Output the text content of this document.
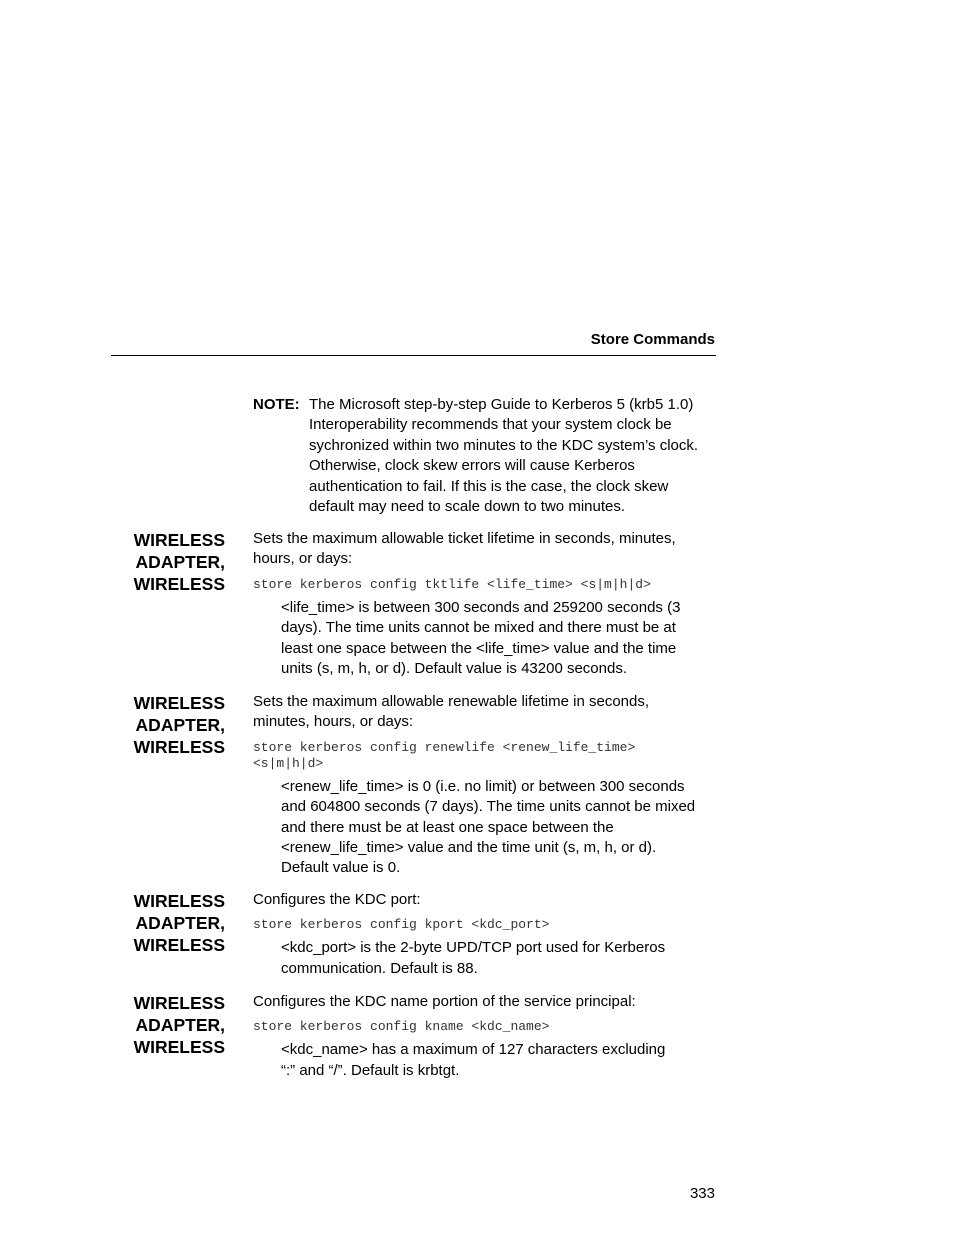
Store Commands
NOTE: The Microsoft step-by-step Guide to Kerberos 5 (krb5 1.0)
Interoperability recommends that your system clock be
sychronized within two minutes to the KDC system’s clock.
Otherwise, clock skew errors will cause Kerberos
authentication to fail. If this is the case, the clock skew
default may need to scale down to two minutes.
WIRELESS
ADAPTER,
WIRELESS
Sets the maximum allowable ticket lifetime in seconds, minutes,
hours, or days:
store kerberos config tktlife <life_time> <s|m|h|d>
<life_time> is between 300 seconds and 259200 seconds (3
days). The time units cannot be mixed and there must be at
least one space between the <life_time> value and the time
units (s, m, h, or d). Default value is 43200 seconds.
WIRELESS
ADAPTER,
WIRELESS
Sets the maximum allowable renewable lifetime in seconds,
minutes, hours, or days:
store kerberos config renewlife <renew_life_time>
<s|m|h|d>
<renew_life_time> is 0 (i.e. no limit) or between 300 seconds
and 604800 seconds (7 days). The time units cannot be mixed
and there must be at least one space between the
<renew_life_time> value and the time unit (s, m, h, or d).
Default value is 0.
WIRELESS
ADAPTER,
WIRELESS
Configures the KDC port:
store kerberos config kport <kdc_port>
<kdc_port> is the 2-byte UPD/TCP port used for Kerberos
communication. Default is 88.
WIRELESS
ADAPTER,
WIRELESS
Configures the KDC name portion of the service principal:
store kerberos config kname <kdc_name>
<kdc_name> has a maximum of 127 characters excluding
“:” and “/”. Default is krbtgt.
333
